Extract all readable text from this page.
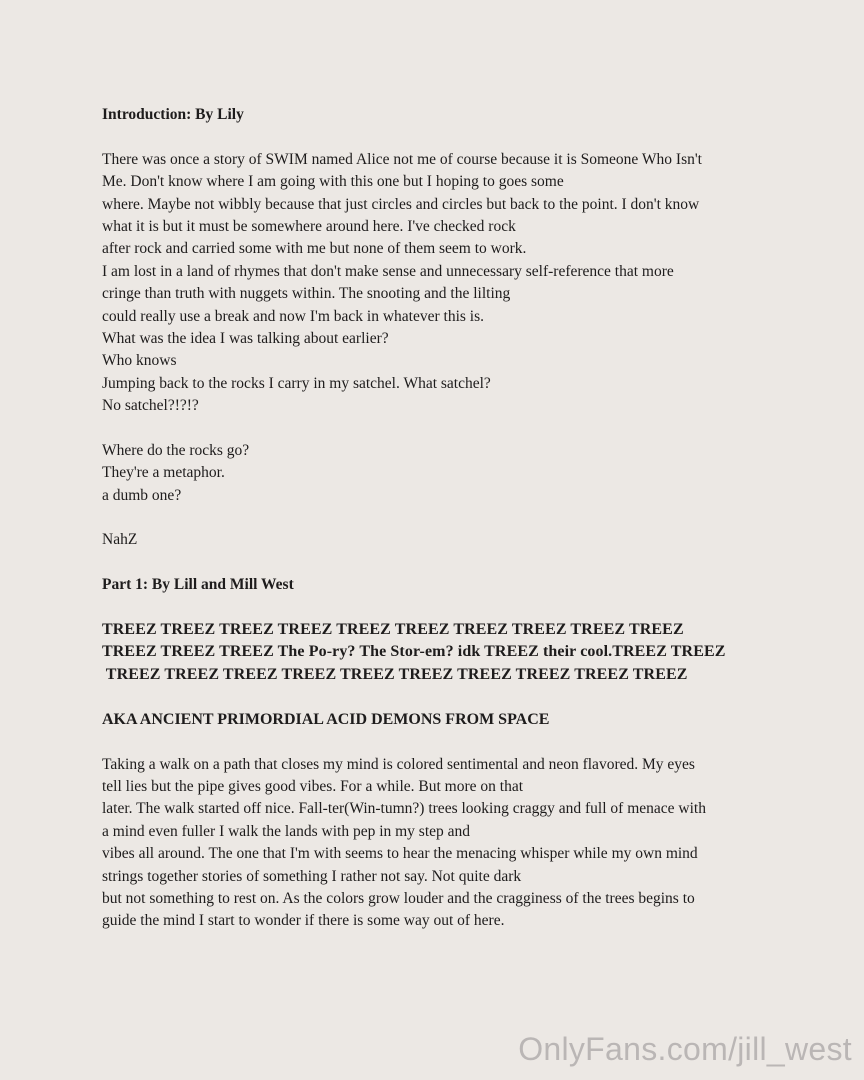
Introduction: By Lily
There was once a story of SWIM named Alice not me of course because it is Someone Who Isn't
Me. Don't know where I am going with this one but I hoping to goes some
where. Maybe not wibbly because that just circles and circles but back to the point. I don't know
what it is but it must be somewhere around here. I've checked rock
after rock and carried some with me but none of them seem to work.
I am lost in a land of rhymes that don't make sense and unnecessary self-reference that more
cringe than truth with nuggets within. The snooting and the lilting
could really use a break and now I'm back in whatever this is.
What was the idea I was talking about earlier?
Who knows
Jumping back to the rocks I carry in my satchel. What satchel?
No satchel?!?!?
Where do the rocks go?
They're a metaphor.
a dumb one?
NahZ
Part 1: By Lill and Mill West
TREEZ TREEZ TREEZ TREEZ TREEZ TREEZ TREEZ TREEZ TREEZ TREEZ
TREEZ TREEZ TREEZ The Po-ry? The Stor-em? idk TREEZ their cool.TREEZ TREEZ
TREEZ TREEZ TREEZ TREEZ TREEZ TREEZ TREEZ TREEZ TREEZ TREEZ
AKA ANCIENT PRIMORDIAL ACID DEMONS FROM SPACE
Taking a walk on a path that closes my mind is colored sentimental and neon flavored. My eyes
tell lies but the pipe gives good vibes. For a while. But more on that
later. The walk started off nice. Fall-ter(Win-tumn?) trees looking craggy and full of menace with
a mind even fuller I walk the lands with pep in my step and
vibes all around. The one that I'm with seems to hear the menacing whisper while my own mind
strings together stories of something I rather not say. Not quite dark
but not something to rest on. As the colors grow louder and the cragginess of the trees begins to
guide the mind I start to wonder if there is some way out of here.
OnlyFans.com/jill_west
